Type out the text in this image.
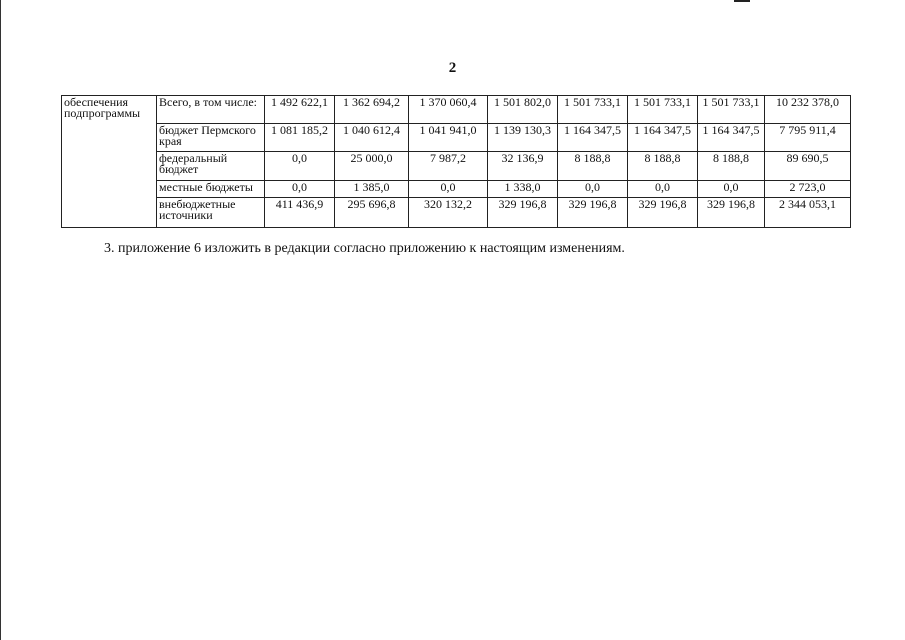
2
обеспечения подпрограммы	Всего, в том числе:	1 492 622,1	1 362 694,2	1 370 060,4	1 501 802,0	1 501 733,1	1 501 733,1	1 501 733,1	10 232 378,0

	бюджет Пермского края	1 081 185,2	1 040 612,4	1 041 941,0	1 139 130,3	1 164 347,5	1 164 347,5	1 164 347,5	7 795 911,4

	федеральный бюджет	0,0	25 000,0	7 987,2	32 136,9	8 188,8	8 188,8	8 188,8	89 690,5

	местные бюджеты	0,0	1 385,0	0,0	1 338,0	0,0	0,0	0,0	2 723,0

	внебюджетные источники	411 436,9	295 696,8	320 132,2	329 196,8	329 196,8	329 196,8	329 196,8	2 344 053,1
3. приложение 6 изложить в редакции согласно приложению к настоящим изменениям.
